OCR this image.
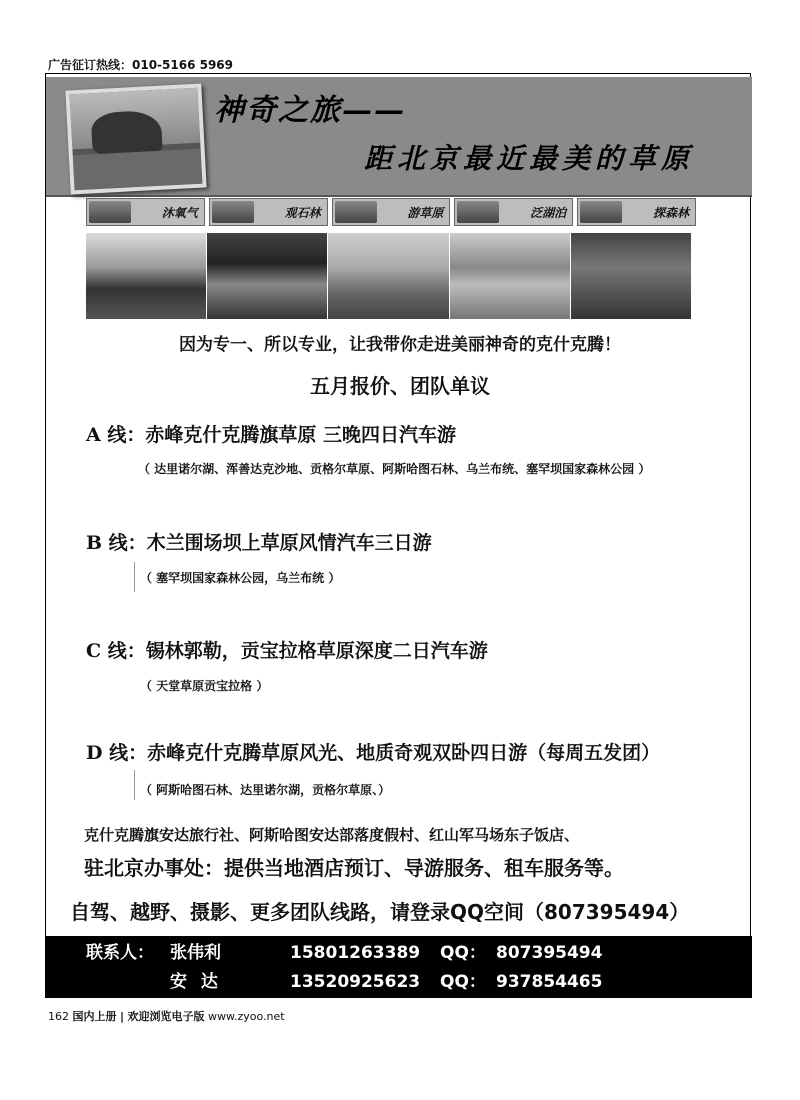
广告征订热线：010-5166 5969
神奇之旅——
距北京最近最美的草原
沐氧气	观石林	游草原	泛湖泊	探森林
因为专一、所以专业，让我带你走进美丽神奇的克什克腾！
五月报价、团队单议
A 线：赤峰克什克腾旗草原 三晚四日汽车游
（ 达里诺尔湖、浑善达克沙地、贡格尔草原、阿斯哈图石林、乌兰布统、塞罕坝国家森林公园 ）
B 线：木兰围场坝上草原风情汽车三日游
（ 塞罕坝国家森林公园，乌兰布统 ）
C 线：锡林郭勒，贡宝拉格草原深度二日汽车游
（ 天堂草原贡宝拉格 ）
D 线：赤峰克什克腾草原风光、地质奇观双卧四日游（每周五发团）
（ 阿斯哈图石林、达里诺尔湖，贡格尔草原、）
克什克腾旗安达旅行社、阿斯哈图安达部落度假村、红山军马场东子饭店、
驻北京办事处：提供当地酒店预订、导游服务、租车服务等。
自驾、越野、摄影、更多团队线路，请登录QQ空间（807395494）
联系人： 张伟利	15801263389 QQ： 807395494
安 达	13520925623 QQ： 937854465
162 国内上册 | 欢迎浏览电子版 www.zyoo.net
